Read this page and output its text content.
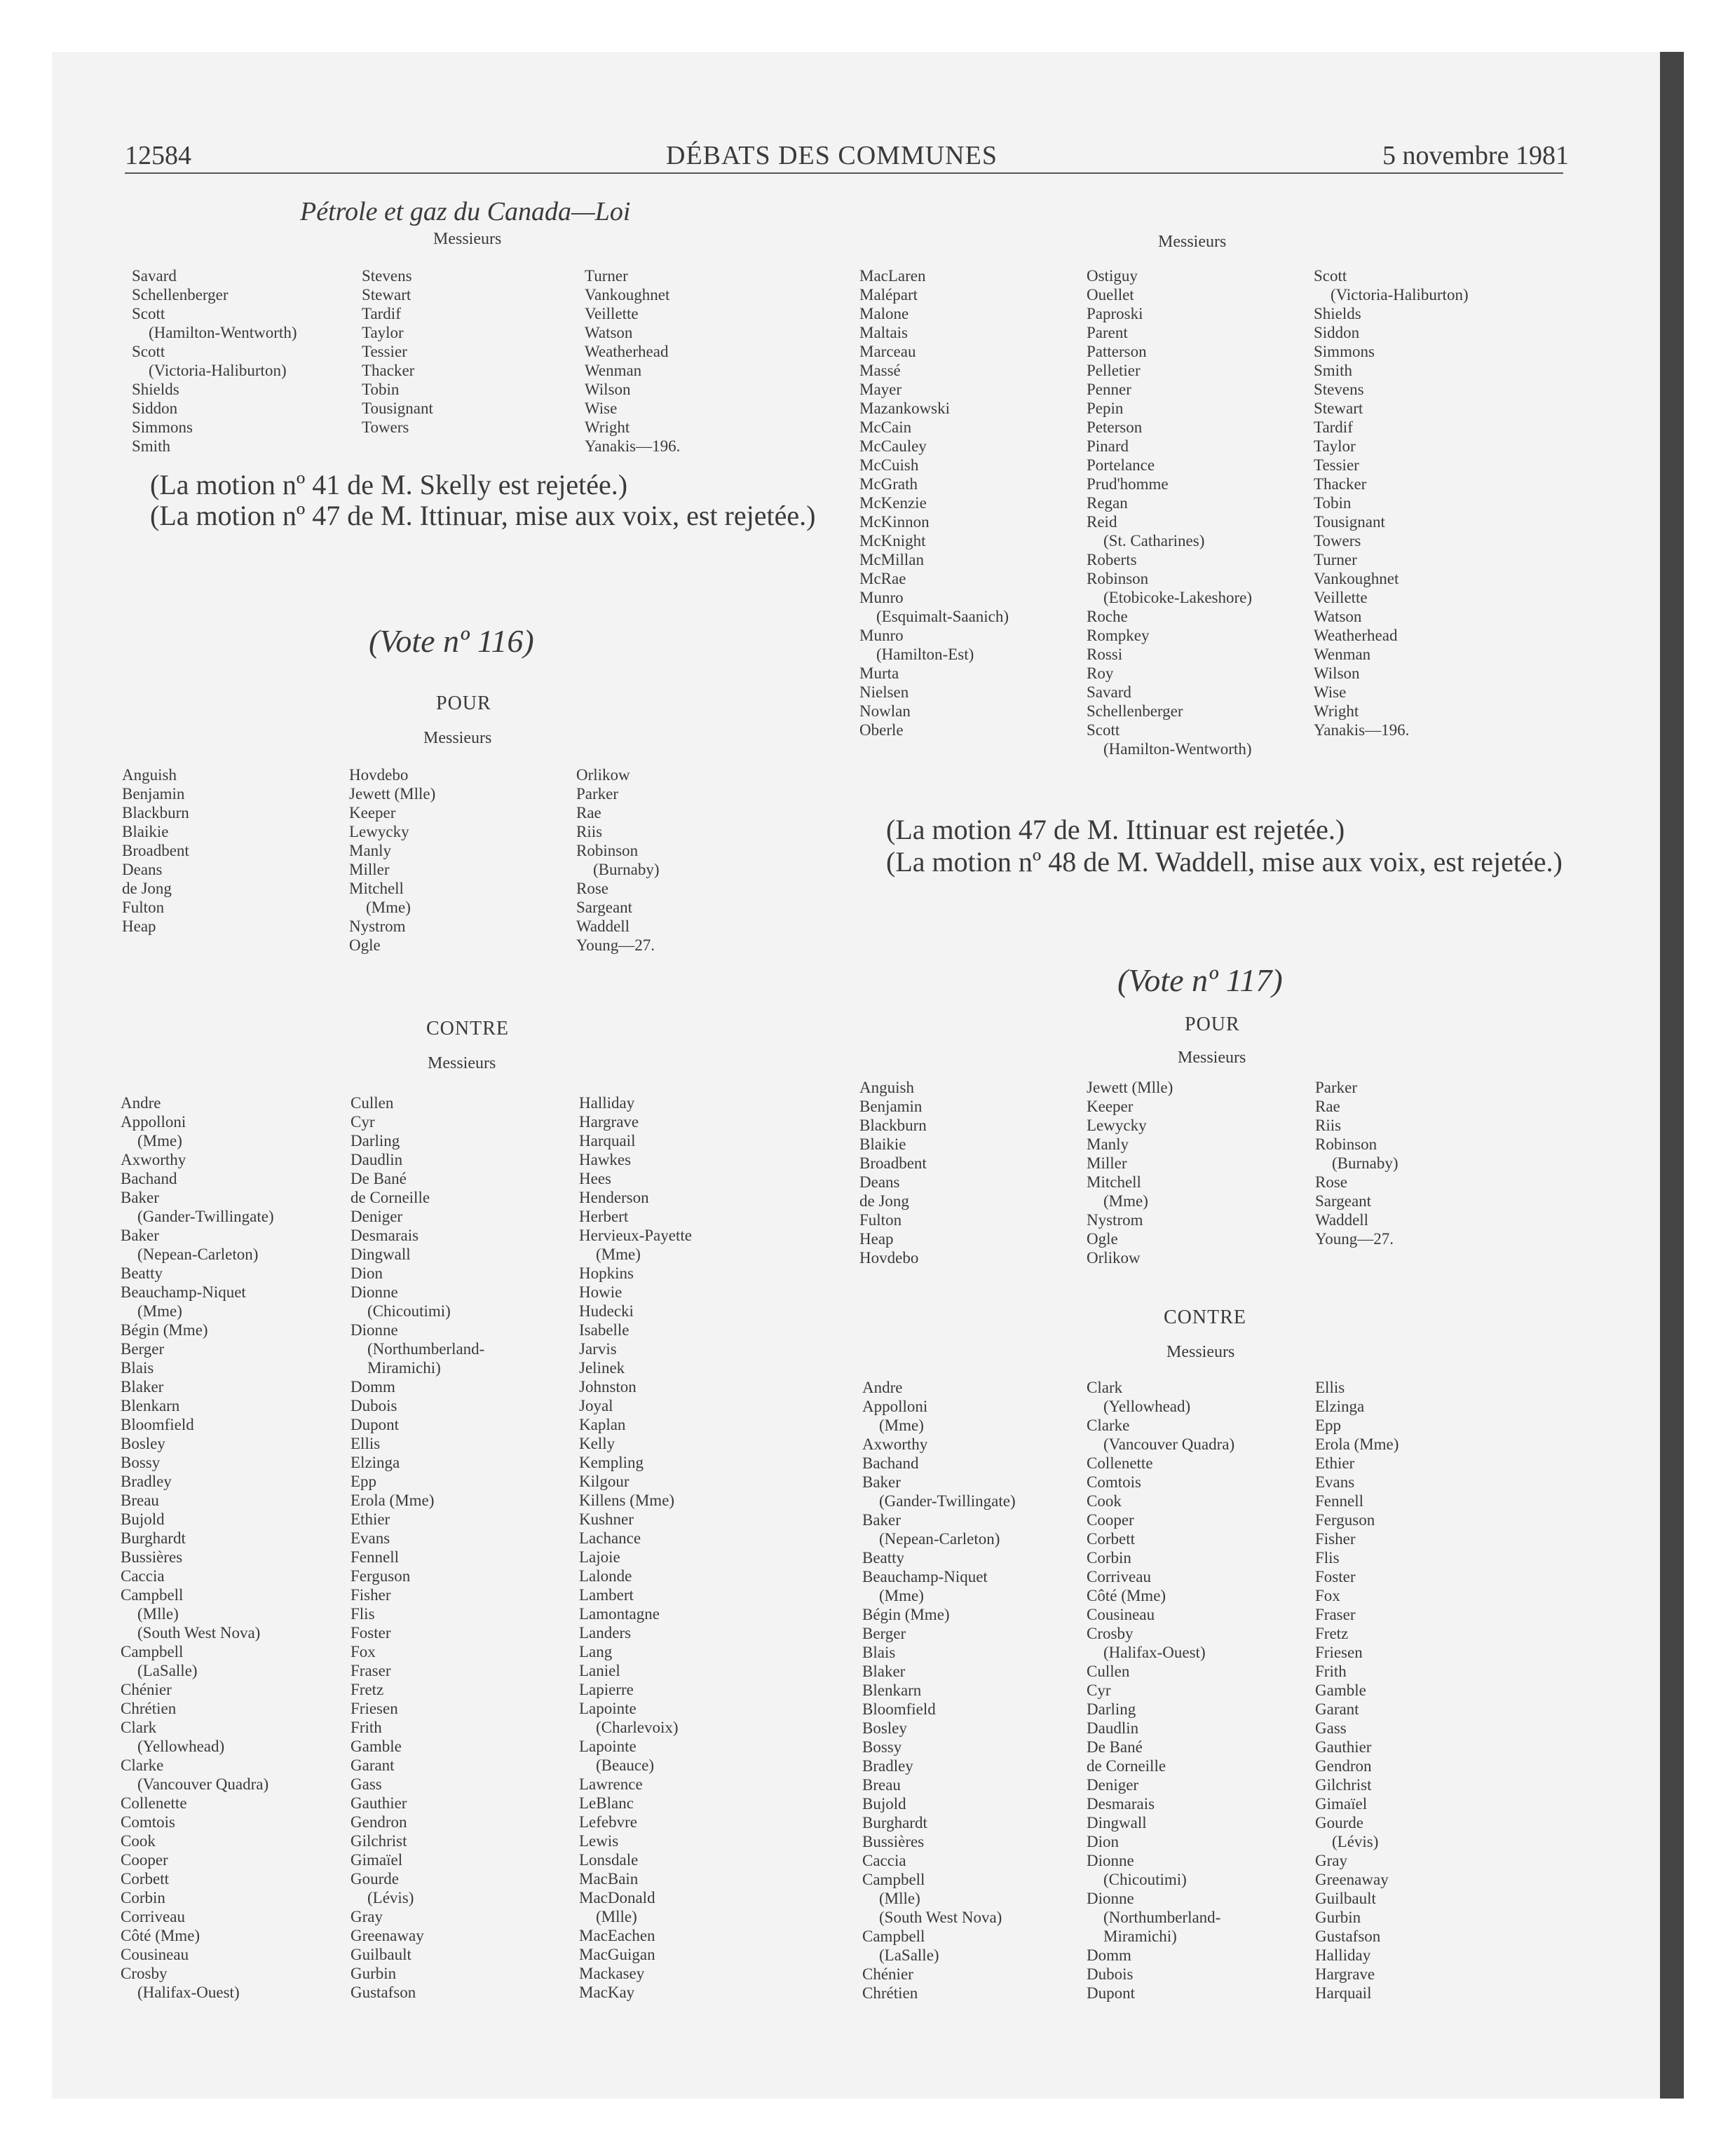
12584	DÉBATS DES COMMUNES	5 novembre 1981
Pétrole et gaz du Canada—Loi
Messieurs
Savard
Schellenberger
Scott
(Hamilton-Wentworth)
Scott
(Victoria-Haliburton)
Shields
Siddon
Simmons
Smith
Stevens
Stewart
Tardif
Taylor
Tessier
Thacker
Tobin
Tousignant
Towers
Turner
Vankoughnet
Veillette
Watson
Weatherhead
Wenman
Wilson
Wise
Wright
Yanakis—196.
(La motion nº 41 de M. Skelly est rejetée.)
(La motion nº 47 de M. Ittinuar, mise aux voix, est rejetée.)
(Vote nº 116)
POUR
Messieurs
Anguish
Benjamin
Blackburn
Blaikie
Broadbent
Deans
de Jong
Fulton
Heap
Hovdebo
Jewett (Mlle)
Keeper
Lewycky
Manly
Miller
Mitchell
(Mme)
Nystrom
Ogle
Orlikow
Parker
Rae
Riis
Robinson
(Burnaby)
Rose
Sargeant
Waddell
Young—27.
CONTRE
Messieurs
Andre
Appolloni
(Mme)
Axworthy
Bachand
Baker
(Gander-Twillingate)
Baker
(Nepean-Carleton)
Beatty
Beauchamp-Niquet
(Mme)
Bégin (Mme)
Berger
Blais
Blaker
Blenkarn
Bloomfield
Bosley
Bossy
Bradley
Breau
Bujold
Burghardt
Bussières
Caccia
Campbell
(Mlle)
(South West Nova)
Campbell
(LaSalle)
Chénier
Chrétien
Clark
(Yellowhead)
Clarke
(Vancouver Quadra)
Collenette
Comtois
Cook
Cooper
Corbett
Corbin
Corriveau
Côté (Mme)
Cousineau
Crosby
(Halifax-Ouest)
Cullen
Cyr
Darling
Daudlin
De Bané
de Corneille
Deniger
Desmarais
Dingwall
Dion
Dionne
(Chicoutimi)
Dionne
(Northumberland-
Miramichi)
Domm
Dubois
Dupont
Ellis
Elzinga
Epp
Erola (Mme)
Ethier
Evans
Fennell
Ferguson
Fisher
Flis
Foster
Fox
Fraser
Fretz
Friesen
Frith
Gamble
Garant
Gass
Gauthier
Gendron
Gilchrist
Gimaïel
Gourde
(Lévis)
Gray
Greenaway
Guilbault
Gurbin
Gustafson
Halliday
Hargrave
Harquail
Hawkes
Hees
Henderson
Herbert
Hervieux-Payette
(Mme)
Hopkins
Howie
Hudecki
Isabelle
Jarvis
Jelinek
Johnston
Joyal
Kaplan
Kelly
Kempling
Kilgour
Killens (Mme)
Kushner
Lachance
Lajoie
Lalonde
Lambert
Lamontagne
Landers
Lang
Laniel
Lapierre
Lapointe
(Charlevoix)
Lapointe
(Beauce)
Lawrence
LeBlanc
Lefebvre
Lewis
Lonsdale
MacBain
MacDonald
(Mlle)
MacEachen
MacGuigan
Mackasey
MacKay
Messieurs
MacLaren
Malépart
Malone
Maltais
Marceau
Massé
Mayer
Mazankowski
McCain
McCauley
McCuish
McGrath
McKenzie
McKinnon
McKnight
McMillan
McRae
Munro
(Esquimalt-Saanich)
Munro
(Hamilton-Est)
Murta
Nielsen
Nowlan
Oberle
Ostiguy
Ouellet
Paproski
Parent
Patterson
Pelletier
Penner
Pepin
Peterson
Pinard
Portelance
Prud'homme
Regan
Reid
(St. Catharines)
Roberts
Robinson
(Etobicoke-Lakeshore)
Roche
Rompkey
Rossi
Roy
Savard
Schellenberger
Scott
(Hamilton-Wentworth)
Scott
(Victoria-Haliburton)
Shields
Siddon
Simmons
Smith
Stevens
Stewart
Tardif
Taylor
Tessier
Thacker
Tobin
Tousignant
Towers
Turner
Vankoughnet
Veillette
Watson
Weatherhead
Wenman
Wilson
Wise
Wright
Yanakis—196.
(La motion 47 de M. Ittinuar est rejetée.)
(La motion nº 48 de M. Waddell, mise aux voix, est rejetée.)
(Vote nº 117)
POUR
Messieurs
Anguish
Benjamin
Blackburn
Blaikie
Broadbent
Deans
de Jong
Fulton
Heap
Hovdebo
Jewett (Mlle)
Keeper
Lewycky
Manly
Miller
Mitchell
(Mme)
Nystrom
Ogle
Orlikow
Parker
Rae
Riis
Robinson
(Burnaby)
Rose
Sargeant
Waddell
Young—27.
CONTRE
Messieurs
Andre
Appolloni
(Mme)
Axworthy
Bachand
Baker
(Gander-Twillingate)
Baker
(Nepean-Carleton)
Beatty
Beauchamp-Niquet
(Mme)
Bégin (Mme)
Berger
Blais
Blaker
Blenkarn
Bloomfield
Bosley
Bossy
Bradley
Breau
Bujold
Burghardt
Bussières
Caccia
Campbell
(Mlle)
(South West Nova)
Campbell
(LaSalle)
Chénier
Chrétien
Clark
(Yellowhead)
Clarke
(Vancouver Quadra)
Collenette
Comtois
Cook
Cooper
Corbett
Corbin
Corriveau
Côté (Mme)
Cousineau
Crosby
(Halifax-Ouest)
Cullen
Cyr
Darling
Daudlin
De Bané
de Corneille
Deniger
Desmarais
Dingwall
Dion
Dionne
(Chicoutimi)
Dionne
(Northumberland-
Miramichi)
Domm
Dubois
Dupont
Ellis
Elzinga
Epp
Erola (Mme)
Ethier
Evans
Fennell
Ferguson
Fisher
Flis
Foster
Fox
Fraser
Fretz
Friesen
Frith
Gamble
Garant
Gass
Gauthier
Gendron
Gilchrist
Gimaïel
Gourde
(Lévis)
Gray
Greenaway
Guilbault
Gurbin
Gustafson
Halliday
Hargrave
Harquail
